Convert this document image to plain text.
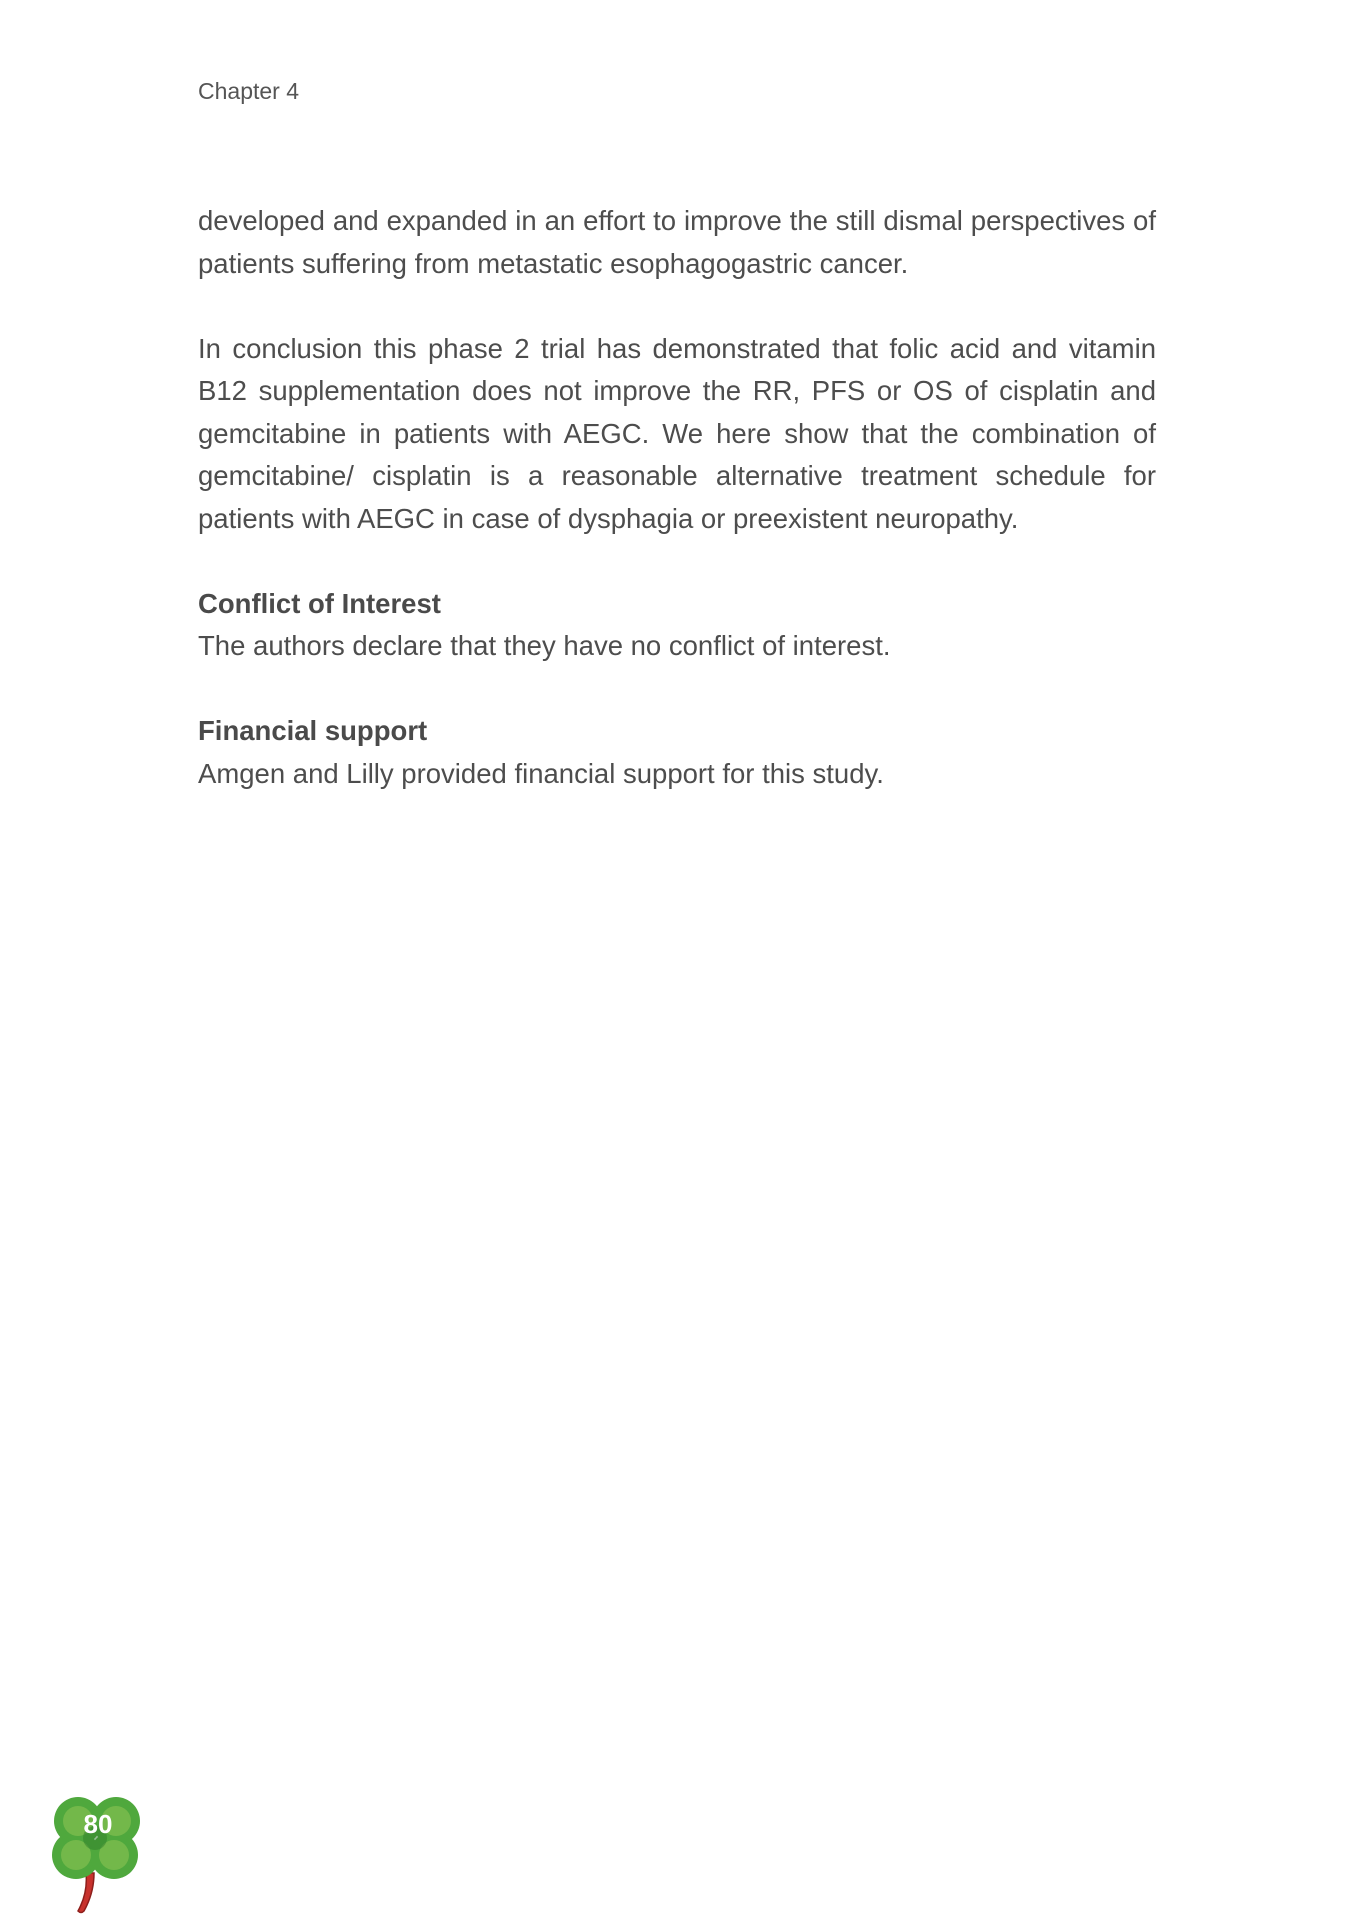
Chapter 4

developed and expanded in an effort to improve the still dismal perspectives of patients suffering from metastatic esophagogastric cancer.

In conclusion this phase 2 trial has demonstrated that folic acid and vitamin B12 supplementation does not improve the RR, PFS or OS of cisplatin and gemcitabine in patients with AEGC. We here show that the combination of gemcitabine/ cisplatin is a reasonable alternative treatment schedule for patients with AEGC in case of dysphagia or preexistent neuropathy.

Conflict of Interest

The authors declare that they have no conflict of interest.

Financial support

Amgen and Lilly provided financial support for this study.

80
